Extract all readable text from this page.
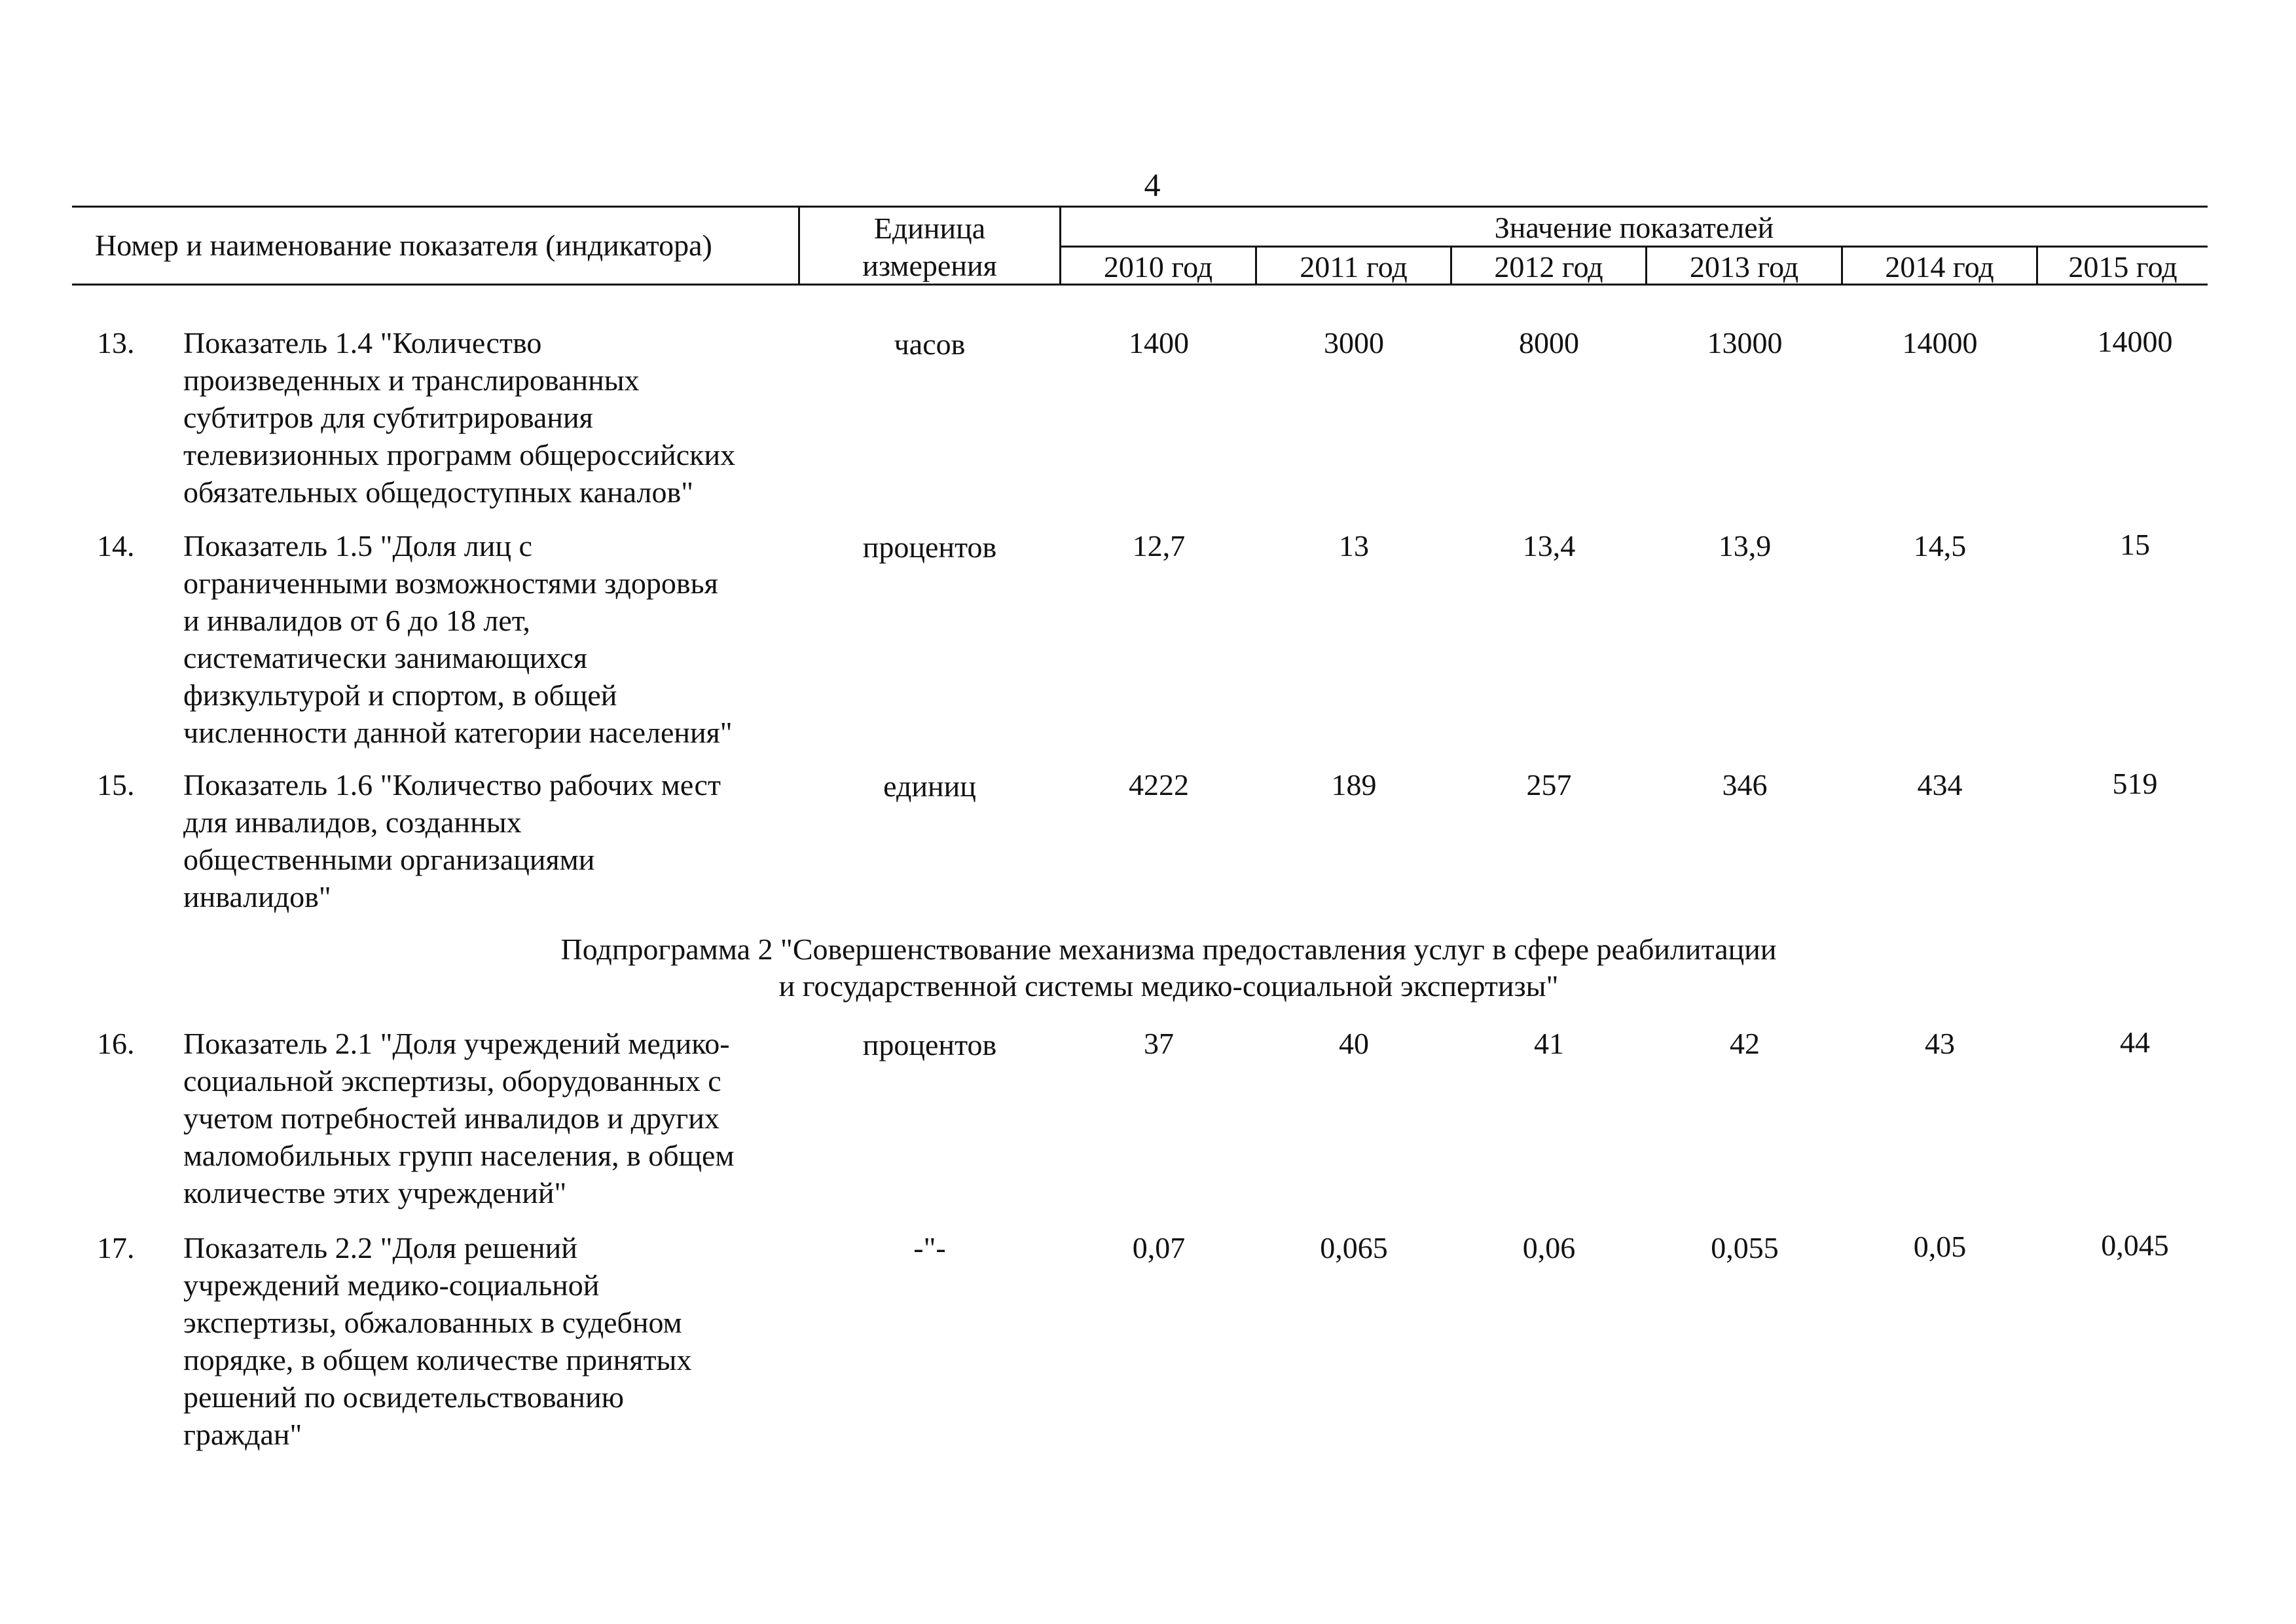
4
Номер и наименование показателя (индикатора)
Единица
измерения
Значение показателей
2010 год	2011 год	2012 год	2013 год	2014 год	2015 год
13.	Показатель 1.4 "Количество
произведенных и транслированных
субтитров для субтитрирования
телевизионных программ общероссийских
обязательных общедоступных каналов"
часов	1400	3000	8000	13000	14000	14000
14.	Показатель 1.5 "Доля лиц с
ограниченными возможностями здоровья
и инвалидов от 6 до 18 лет,
систематически занимающихся
физкультурой и спортом, в общей
численности данной категории населения"
процентов	12,7	13	13,4	13,9	14,5	15
15.	Показатель 1.6 "Количество рабочих мест
для инвалидов, созданных
общественными организациями
инвалидов"
единиц	4222	189	257	346	434	519
Подпрограмма 2 "Совершенствование механизма предоставления услуг в сфере реабилитации
и государственной системы медико-социальной экспертизы"
16.	Показатель 2.1 "Доля учреждений медико-
социальной экспертизы, оборудованных с
учетом потребностей инвалидов и других
маломобильных групп населения, в общем
количестве этих учреждений"
процентов	37	40	41	42	43	44
17.	Показатель 2.2 "Доля решений
учреждений медико-социальной
экспертизы, обжалованных в судебном
порядке, в общем количестве принятых
решений по освидетельствованию
граждан"
-"-	0,07	0,065	0,06	0,055	0,05	0,045
